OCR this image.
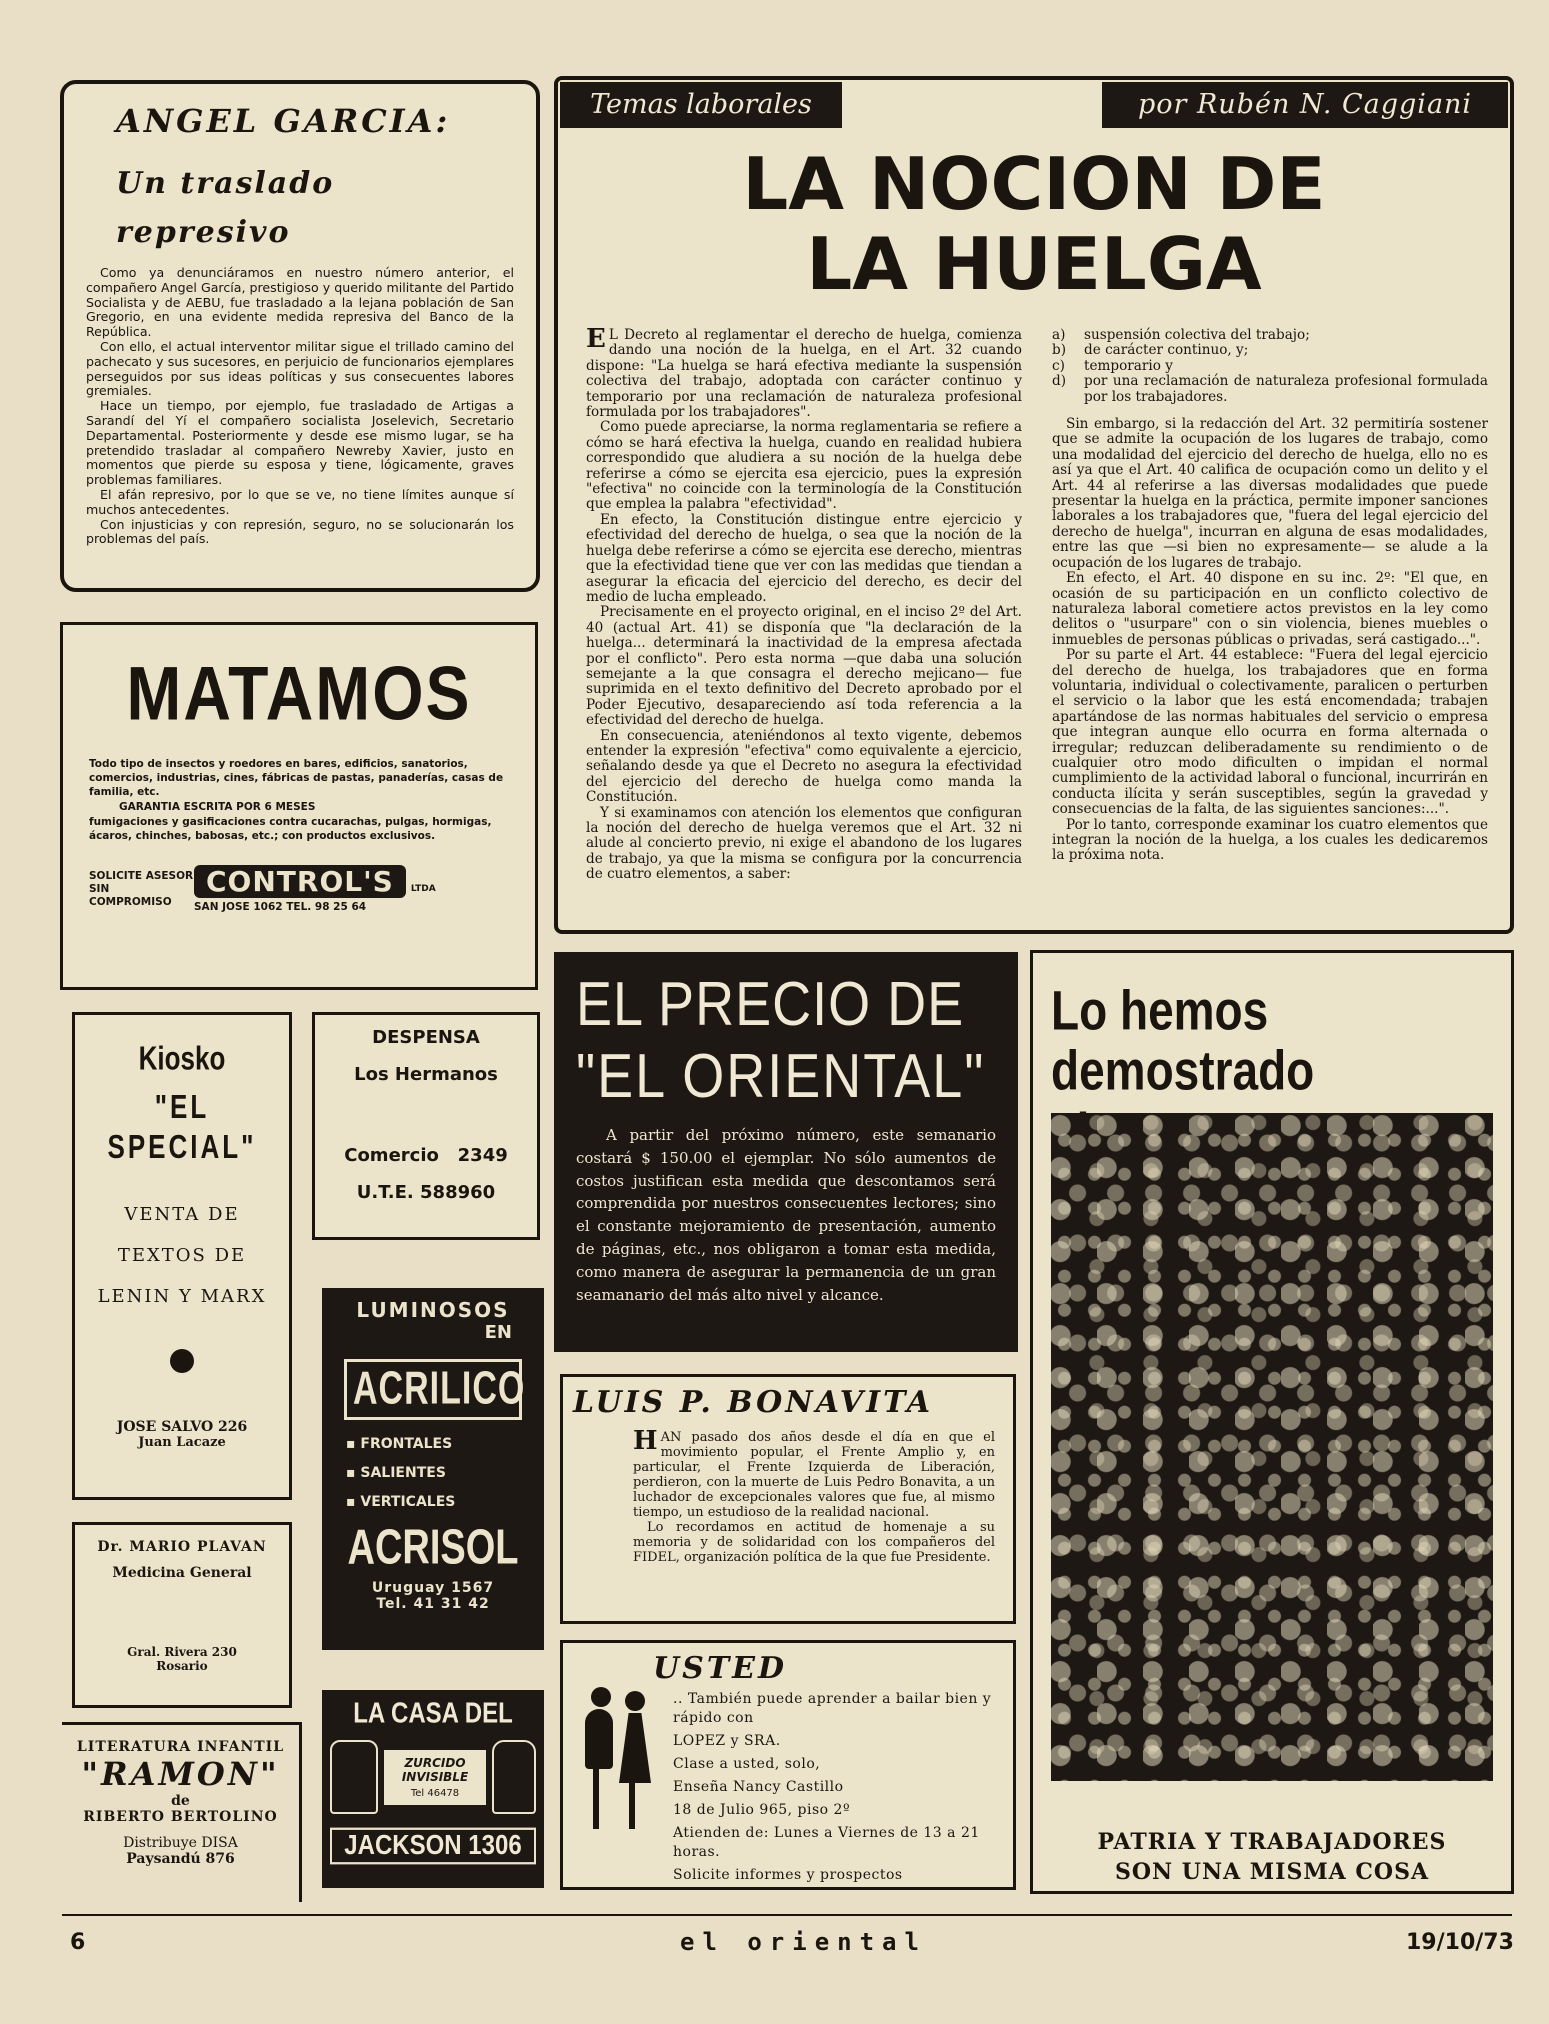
ANGEL GARCIA:
Un traslado
represivo

Como ya denunciáramos en nuestro número anterior, el compañero Angel García, prestigioso y querido militante del Partido Socialista y de AEBU, fue trasladado a la lejana población de San Gregorio, en una evidente medida represiva del Banco de la República.

Con ello, el actual interventor militar sigue el trillado camino del pachecato y sus sucesores, en perjuicio de funcionarios ejemplares perseguidos por sus ideas políticas y sus consecuentes labores gremiales.

Hace un tiempo, por ejemplo, fue trasladado de Artigas a Sarandí del Yí el compañero socialista Joselevich, Secretario Departamental. Posteriormente y desde ese mismo lugar, se ha pretendido trasladar al compañero Newreby Xavier, justo en momentos que pierde su esposa y tiene, lógicamente, graves problemas familiares.

El afán represivo, por lo que se ve, no tiene límites aunque sí muchos antecedentes.

Con injusticias y con represión, seguro, no se solucionarán los problemas del país.

MATAMOS
Todo tipo de insectos y roedores en bares, edificios, sanatorios, comercios, industrias, cines, fábricas de pastas, panaderías, casas de familia, etc.
GARANTIA ESCRITA POR 6 MESES
fumigaciones y gasificaciones contra cucarachas, pulgas, hormigas, ácaros, chinches, babosas, etc.; con productos exclusivos.
SOLICITE ASESOR SIN COMPROMISO
CONTROL'S LTDA
SAN JOSE 1062 TEL. 98 25 64
Kiosko
"EL SPECIAL"
VENTA DE
TEXTOS DE
LENIN Y MARX
JOSE SALVO 226
Juan Lacaze
DESPENSA
Los Hermanos
Comercio   2349
U.T.E. 588960
Dr. MARIO PLAVAN
Medicina General
Gral. Rivera 230
Rosario
LITERATURA INFANTIL
"RAMON"
de
RIBERTO BERTOLINO
Distribuye DISA
Paysandú 876
LUMINOSOS
EN
ACRILICO
▪ FRONTALES
▪ SALIENTES
▪ VERTICALES
ACRISOL
Uruguay 1567
Tel. 41 31 42
LA CASA DEL
ZURCIDO
INVISIBLE
Tel 46478
JACKSON 1306
Temas laborales	por Rubén N. Caggiani
LA NOCION DE
LA HUELGA

E L Decreto al reglamentar el derecho de huelga, comienza dando una noción de la huelga, en el Art. 32 cuando dispone: "La huelga se hará efectiva mediante la suspensión colectiva del trabajo, adoptada con carácter continuo y temporario por una reclamación de naturaleza profesional formulada por los trabajadores".

Como puede apreciarse, la norma reglamentaria se refiere a cómo se hará efectiva la huelga, cuando en realidad hubiera correspondido que aludiera a su noción de la huelga debe referirse a cómo se ejercita esa ejercicio, pues la expresión "efectiva" no coincide con la terminología de la Constitución que emplea la palabra "efectividad".

En efecto, la Constitución distingue entre ejercicio y efectividad del derecho de huelga, o sea que la noción de la huelga debe referirse a cómo se ejercita ese derecho, mientras que la efectividad tiene que ver con las medidas que tiendan a asegurar la eficacia del ejercicio del derecho, es decir del medio de lucha empleado.

Precisamente en el proyecto original, en el inciso 2º del Art. 40 (actual Art. 41) se disponía que "la declaración de la huelga... determinará la inactividad de la empresa afectada por el conflicto". Pero esta norma —que daba una solución semejante a la que consagra el derecho mejicano— fue suprimida en el texto definitivo del Decreto aprobado por el Poder Ejecutivo, desapareciendo así toda referencia a la efectividad del derecho de huelga.

En consecuencia, ateniéndonos al texto vigente, debemos entender la expresión "efectiva" como equivalente a ejercicio, señalando desde ya que el Decreto no asegura la efectividad del ejercicio del derecho de huelga como manda la Constitución.

Y si examinamos con atención los elementos que configuran la noción del derecho de huelga veremos que el Art. 32 ni alude al concierto previo, ni exige el abandono de los lugares de trabajo, ya que la misma se configura por la concurrencia de cuatro elementos, a saber:

a)	suspensión colectiva del trabajo;
b)	de carácter continuo, y;
c)	temporario y
d)	por una reclamación de naturaleza profesional formulada por los trabajadores.

Sin embargo, si la redacción del Art. 32 permitiría sostener que se admite la ocupación de los lugares de trabajo, como una modalidad del ejercicio del derecho de huelga, ello no es así ya que el Art. 40 califica de ocupación como un delito y el Art. 44 al referirse a las diversas modalidades que puede presentar la huelga en la práctica, permite imponer sanciones laborales a los trabajadores que, "fuera del legal ejercicio del derecho de huelga", incurran en alguna de esas modalidades, entre las que —si bien no expresamente— se alude a la ocupación de los lugares de trabajo.

En efecto, el Art. 40 dispone en su inc. 2º: "El que, en ocasión de su participación en un conflicto colectivo de naturaleza laboral cometiere actos previstos en la ley como delitos o "usurpare" con o sin violencia, bienes muebles o inmuebles de personas públicas o privadas, será castigado...".

Por su parte el Art. 44 establece: "Fuera del legal ejercicio del derecho de huelga, los trabajadores que en forma voluntaria, individual o colectivamente, paralicen o perturben el servicio o la labor que les está encomendada; trabajen apartándose de las normas habituales del servicio o empresa que integran aunque ello ocurra en forma alternada o irregular; reduzcan deliberadamente su rendimiento o de cualquier otro modo dificulten o impidan el normal cumplimiento de la actividad laboral o funcional, incurrirán en conducta ilícita y serán susceptibles, según la gravedad y consecuencias de la falta, de las siguientes sanciones:...".

Por lo tanto, corresponde examinar los cuatro elementos que integran la noción de la huelga, a los cuales les dedicaremos la próxima nota.

EL PRECIO DE
"EL ORIENTAL"
A partir del próximo número, este semanario costará $ 150.00 el ejemplar. No sólo aumentos de costos justifican esta medida que descontamos será comprendida por nuestros consecuentes lectores; sino el constante mejoramiento de presentación, aumento de páginas, etc., nos obligaron a tomar esta medida, como manera de asegurar la permanencia de un gran seamanario del más alto nivel y alcance.
LUIS P. BONAVITA

HAN pasado dos años desde el día en que el movimiento popular, el Frente Amplio y, en particular, el Frente Izquierda de Liberación, perdieron, con la muerte de Luis Pedro Bonavita, a un luchador de excepcionales valores que fue, al mismo tiempo, un estudioso de la realidad nacional.

Lo recordamos en actitud de homenaje a su memoria y de solidaridad con los compañeros del FIDEL, organización política de la que fue Presidente.

USTED
.. También puede aprender a bailar bien y rápido con
LOPEZ y SRA.
Clase a usted, solo,
Enseña Nancy Castillo
18 de Julio 965, piso 2º
Atienden de: Lunes a Viernes de 13 a 21 horas.
Solicite informes y prospectos
Lo hemos
demostrado
PATRIA Y TRABAJADORES
SON UNA MISMA COSA
6	el oriental	19/10/73
